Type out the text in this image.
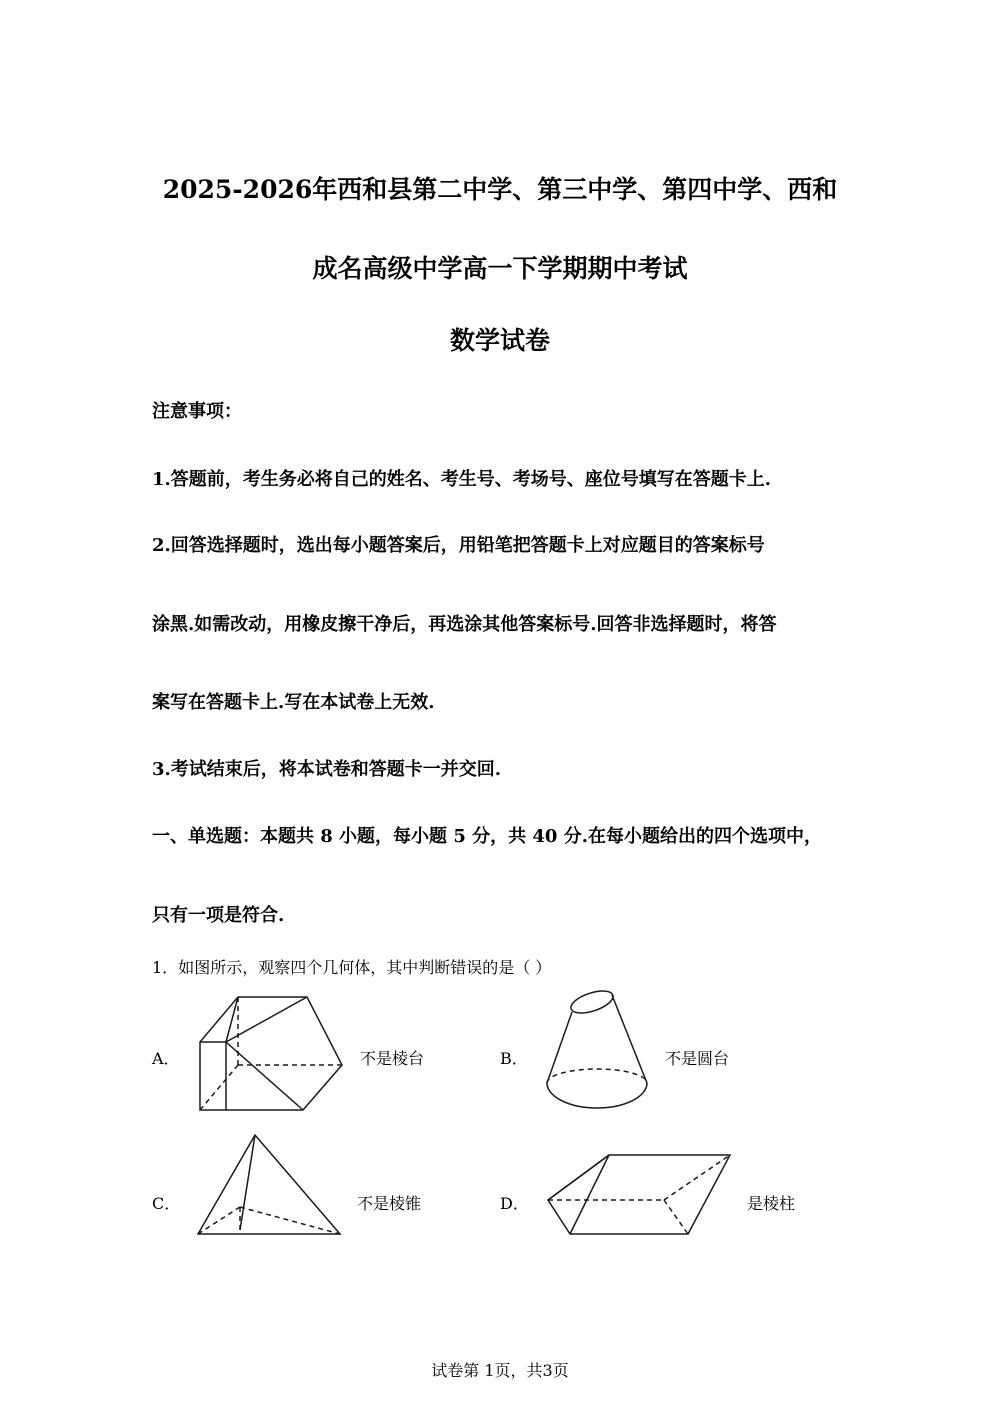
2025-2026年西和县第二中学、第三中学、第四中学、西和
成名高级中学高一下学期期中考试
数学试卷
注意事项：
1.答题前，考生务必将自己的姓名、考生号、考场号、座位号填写在答题卡上.
2.回答选择题时，选出每小题答案后，用铅笔把答题卡上对应题目的答案标号
涂黑.如需改动，用橡皮擦干净后，再选涂其他答案标号.回答非选择题时，将答
案写在答题卡上.写在本试卷上无效.
3.考试结束后，将本试卷和答题卡一并交回.
一、单选题：本题共 8 小题，每小题 5 分，共 40 分.在每小题给出的四个选项中，
只有一项是符合.
1．如图所示，观察四个几何体，其中判断错误的是（ ）
A．	不是棱台	B．	不是圆台
C．	不是棱锥	D．	是棱柱
试卷第 1页，共3页
